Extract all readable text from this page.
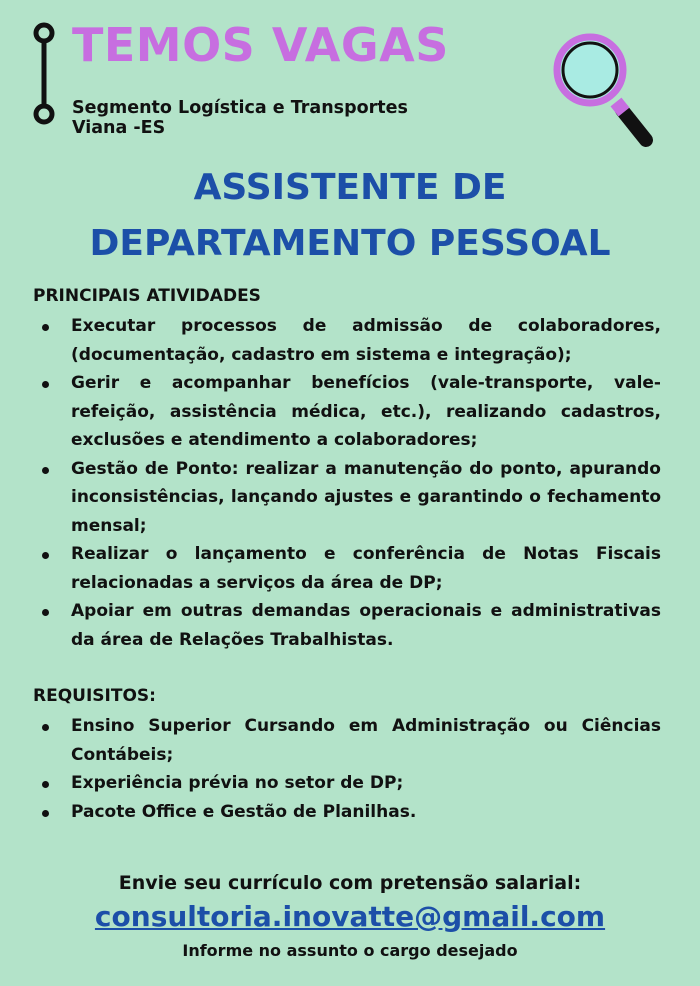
TEMOS VAGAS
Segmento Logística e Transportes
Viana -ES
ASSISTENTE DE
DEPARTAMENTO PESSOAL
PRINCIPAIS ATIVIDADES
Executar processos de admissão de colaboradores, (documentação, cadastro em sistema e integração);
Gerir e acompanhar benefícios (vale-transporte, vale-refeição, assistência médica, etc.), realizando cadastros, exclusões e atendimento a colaboradores;
Gestão de Ponto: realizar a manutenção do ponto, apurando inconsistências, lançando ajustes e garantindo o fechamento mensal;
Realizar o lançamento e conferência de Notas Fiscais relacionadas a serviços da área de DP;
Apoiar em outras demandas operacionais e administrativas da área de Relações Trabalhistas.
REQUISITOS:
Ensino Superior Cursando em Administração ou Ciências Contábeis;
Experiência prévia no setor de DP;
Pacote Office e Gestão de Planilhas.
Envie seu currículo com pretensão salarial:
consultoria.inovatte@gmail.com
Informe no assunto o cargo desejado
